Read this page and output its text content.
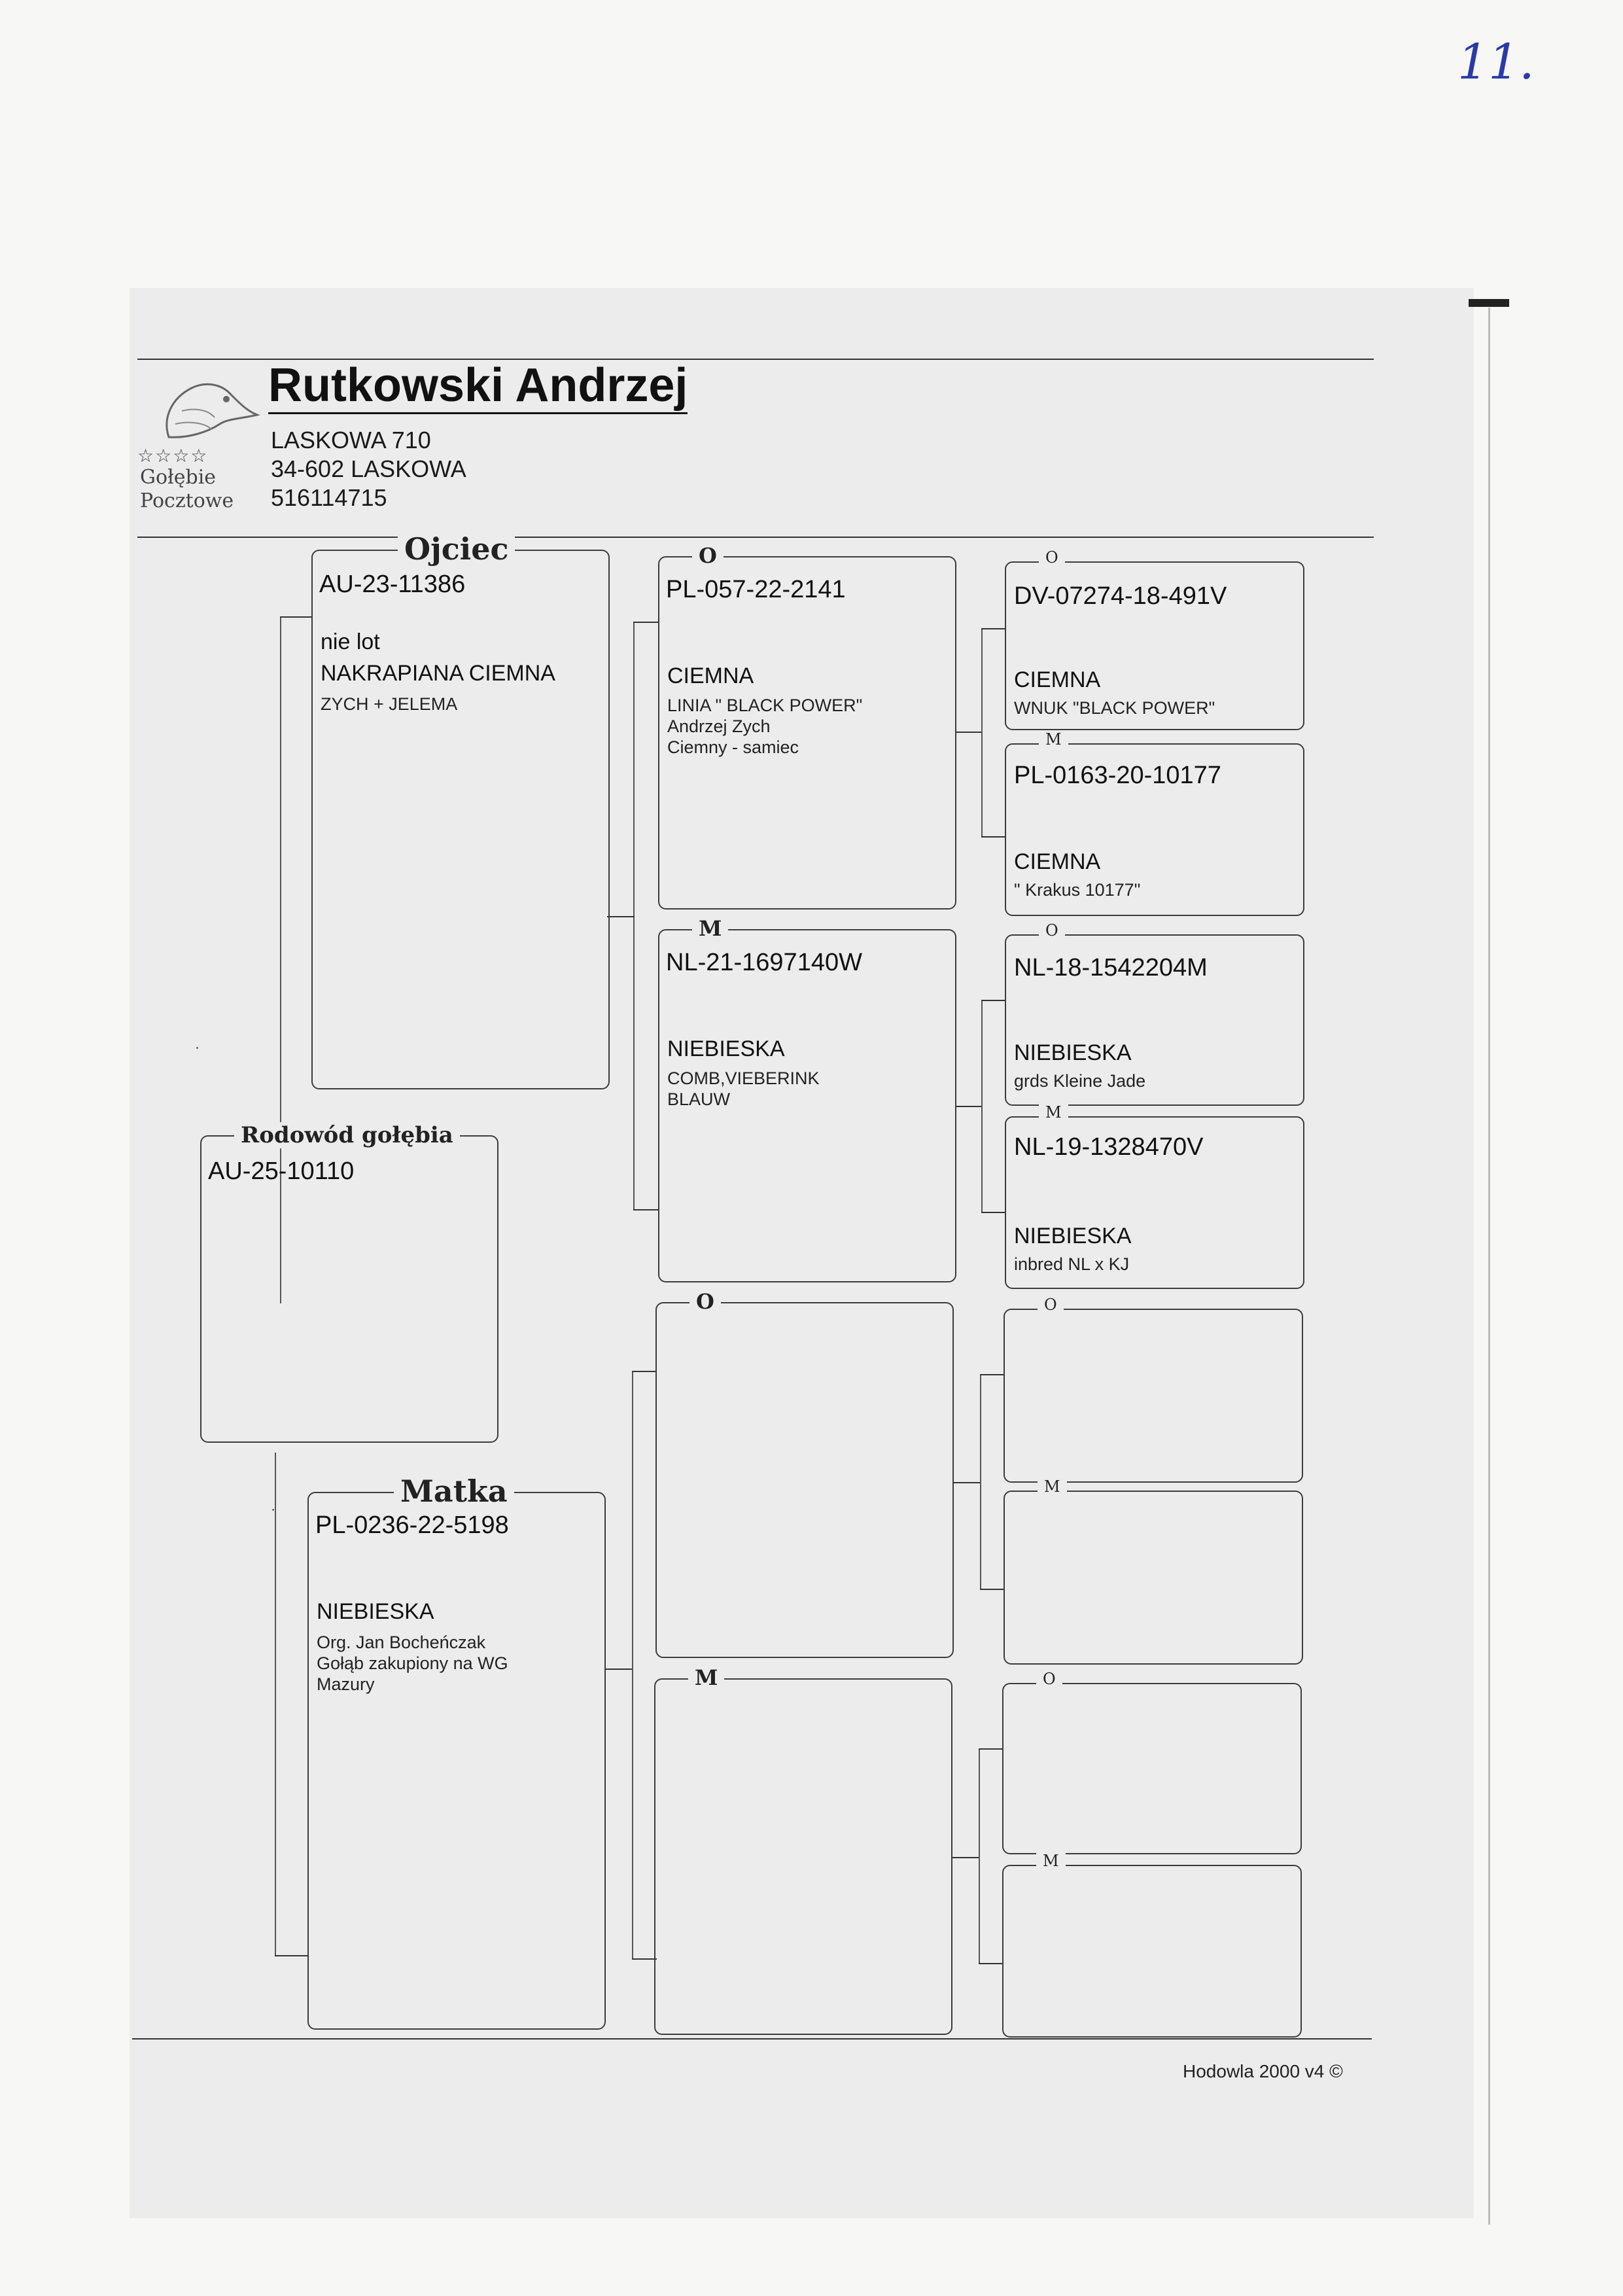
11.
☆☆☆☆
Gołębie
Pocztowe
Rutkowski Andrzej
LASKOWA 710
34-602 LASKOWA
516114715
Rodowód gołębia
AU-25-10110
Ojciec
AU-23-11386
nie lot
NAKRAPIANA CIEMNA
ZYCH + JELEMA
Matka
PL-0236-22-5198
NIEBIESKA
Org. Jan Bocheńczak
Gołąb zakupiony na WG
Mazury
O
PL-057-22-2141
CIEMNA
LINIA " BLACK POWER"
Andrzej Zych
Ciemny - samiec
M
NL-21-1697140W
NIEBIESKA
COMB,VIEBERINK
BLAUW
O
M
O
DV-07274-18-491V
CIEMNA
WNUK "BLACK POWER"
M
PL-0163-20-10177
CIEMNA
" Krakus 10177"
O
NL-18-1542204M
NIEBIESKA
grds Kleine Jade
M
NL-19-1328470V
NIEBIESKA
inbred NL x KJ
O
M
O
M
Hodowla 2000 v4 ©
